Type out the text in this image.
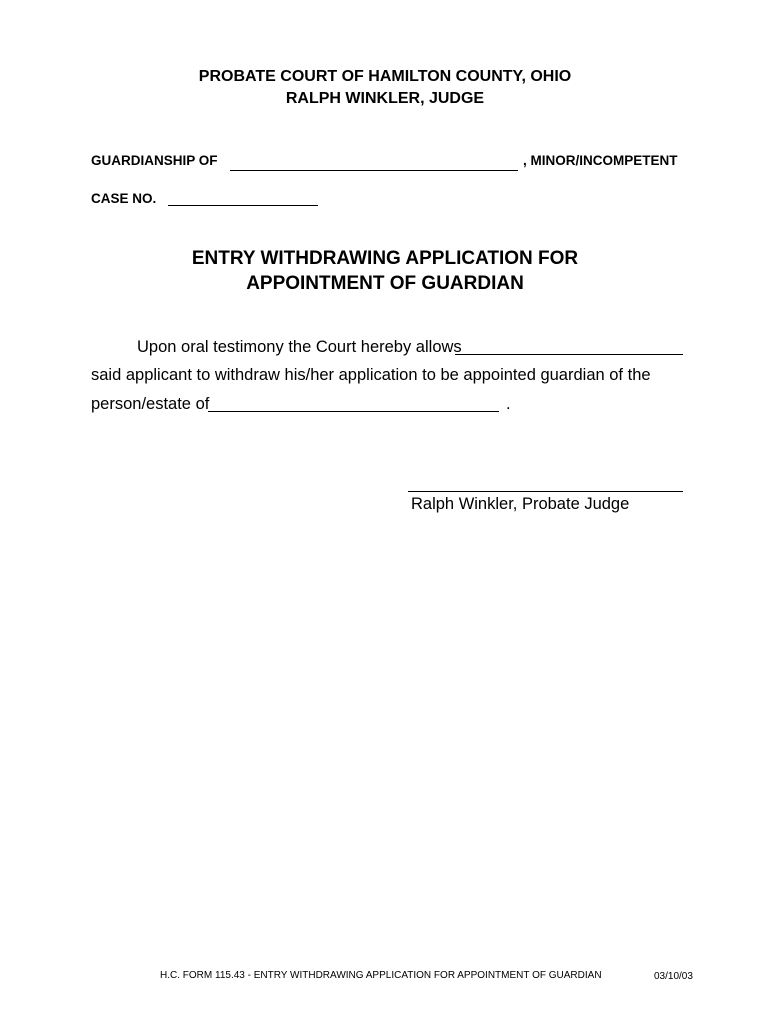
PROBATE COURT OF HAMILTON COUNTY, OHIO
RALPH WINKLER, JUDGE
GUARDIANSHIP OF	, MINOR/INCOMPETENT
CASE NO.
ENTRY WITHDRAWING APPLICATION FOR
APPOINTMENT OF GUARDIAN
Upon oral testimony the Court hereby allows
said applicant to withdraw his/her application to be appointed guardian of the
person/estate of	.
Ralph Winkler, Probate Judge
H.C. FORM 115.43 - ENTRY WITHDRAWING APPLICATION FOR APPOINTMENT OF GUARDIAN	03/10/03
